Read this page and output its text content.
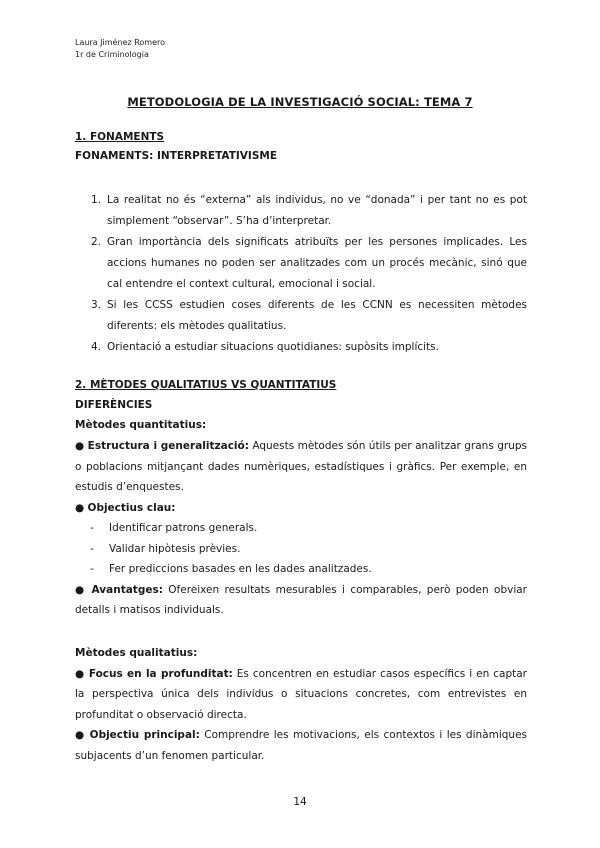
Laura Jiménez Romero
1r de Criminologia
METODOLOGIA DE LA INVESTIGACIÓ SOCIAL: TEMA 7
1. FONAMENTS
FONAMENTS: INTERPRETATIVISME
1. La realitat no és “externa” als individus, no ve “donada” i per tant no es pot simplement “observar”. S’ha d’interpretar.
2. Gran importància dels significats atribuïts per les persones implicades. Les accions humanes no poden ser analitzades com un procés mecànic, sinó que cal entendre el context cultural, emocional i social.
3. Si les CCSS estudien coses diferents de les CCNN es necessiten mètodes diferents: els mètodes qualitatius.
4. Orientació a estudiar situacions quotidianes: supòsits implícits.
2. MÈTODES QUALITATIUS VS QUANTITATIUS
DIFERÈNCIES
Mètodes quantitatius:
● Estructura i generalització: Aquests mètodes són útils per analitzar grans grups o poblacions mitjançant dades numèriques, estadístiques i gràfics. Per exemple, en estudis d’enquestes.
● Objectius clau:
-	Identificar patrons generals.
-	Validar hipòtesis prèvies.
-	Fer prediccions basades en les dades analitzades.
● Avantatges: Ofereixen resultats mesurables i comparables, però poden obviar detalls i matisos individuals.
Mètodes qualitatius:
● Focus en la profunditat: Es concentren en estudiar casos específics i en captar la perspectiva única dels individus o situacions concretes, com entrevistes en profunditat o observació directa.
● Objectiu principal: Comprendre les motivacions, els contextos i les dinàmiques subjacents d’un fenomen particular.
14
